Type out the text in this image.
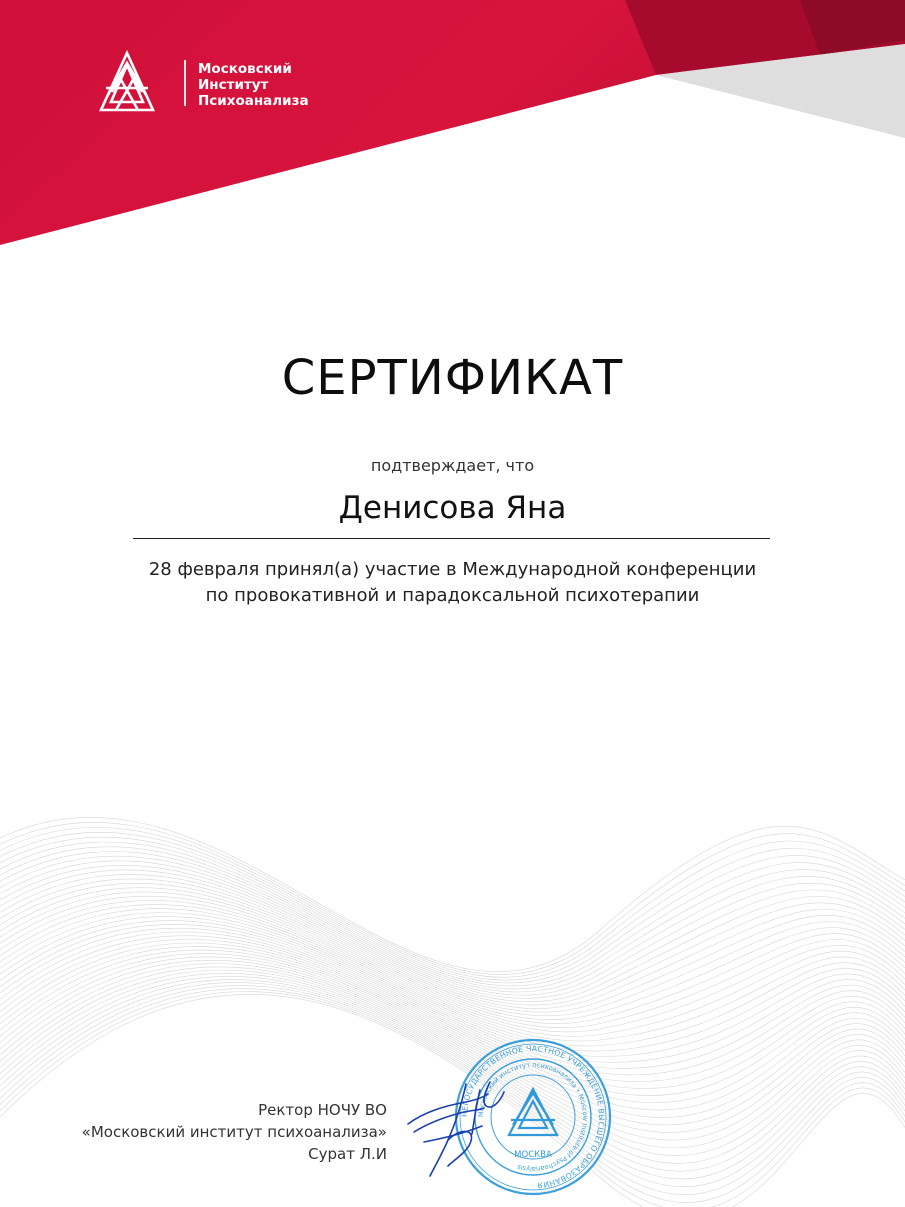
Московский
Институт
Психоанализа
СЕРТИФИКАТ
подтверждает, что
Денисова Яна
28 февраля принял(а) участие в Международной конференции
по провокативной и парадоксальной психотерапии
Ректор НОЧУ ВО
«Московский институт психоанализа»
Сурат Л.И
НЕГОСУДАРСТВЕННОЕ ЧАСТНОЕ УЧРЕЖДЕНИЕ ВЫСШЕГО ОБРАЗОВАНИЯ
Московский институт психоанализа • Moscow Institute of Psychoanalysis
МОСКВА
